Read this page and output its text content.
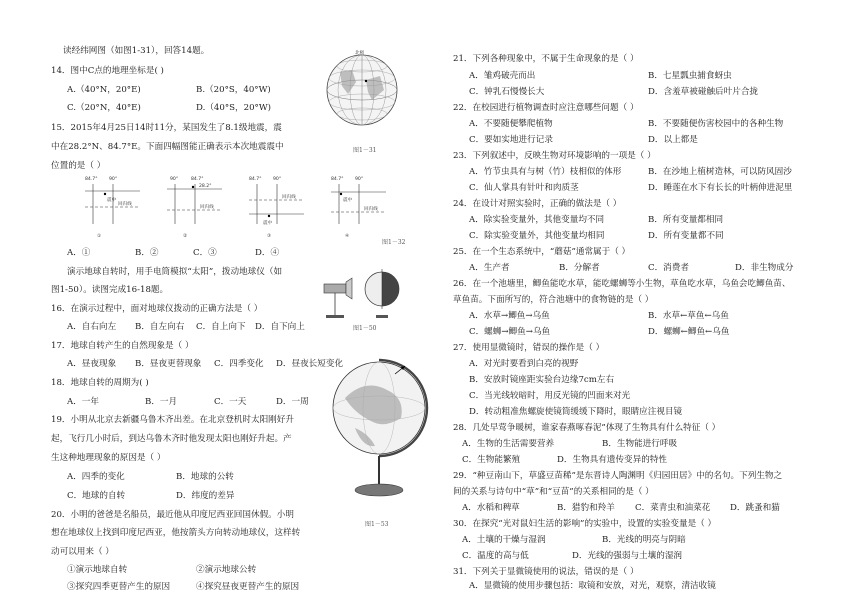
读经纬网图（如图1-31），回答14题。
14．图中C点的地理坐标是( )
A.（40°N，20°E)	B.（20°S，40°W)
C.（20°N，40°E)	D.（40°S，20°W)
北极
图1－31
15．2015年4月25日14时11分，某国发生了8.1级地震，震
中在28.2°N、84.7°E。下面四幅图能正确表示本次地震震中
位置的是（ ）
84.7° 90°
震中
回归线
①
90°	84.7°
28.2°
回归线
②
84.7° 90°
回归线
震中
③
84.7° 90°
震中
回归线
④
图1－32
A．①	B．②	C．③	D．④
演示地球自转时，用手电筒模拟“太阳”，拨动地球仪（如
图1-50）。读图完成16-18题。
图1－50
16．在演示过程中，面对地球仪拨动的正确方法是（ ）
A．自右向左 B．自左向右 C．自上向下 D．自下向上
17．地球自转产生的自然现象是（ ）
A．昼夜现象 B．昼夜更替现象 C．四季变化 D．昼夜长短变化
18．地球自转的周期为( )
A．一年	B．一月	C．一天	D．一周
19．小明从北京去新疆乌鲁木齐出差。在北京登机时太阳刚好升
起，飞行几小时后，到达乌鲁木齐时他发现太阳也刚好升起。产
生这种地理现象的原因是（ ）
A．四季的变化	B．地球的公转
C．地球的自转	D．纬度的差异
20．小明的爸爸是名船员，最近他从印度尼西亚回国休假。小明
想在地球仪上找到印度尼西亚，他按箭头方向转动地球仪，这样转
动可以用来（ ）
①演示地球自转	②演示地球公转
③探究四季更替产生的原因	④探究昼夜更替产生的原因
图1－53
21．下列各种现象中，不属于生命现象的是（ ）
A．雏鸡破壳而出	B．七星瓢虫捕食蚜虫
C．钟乳石慢慢长大	D．含羞草被碰触后叶片合拢
22．在校园进行植物调查时应注意哪些问题（ ）
A．不要随便攀爬植物	B．不要随便伤害校园中的各种生物
C．要如实地进行记录	D．以上都是
23．下列叙述中，反映生物对环境影响的一项是（ ）
A．竹节虫具有与树（竹）枝相似的体形	B．在沙地上植树造林，可以防风固沙
C．仙人掌具有针叶和肉质茎	D．睡莲在水下有长长的叶柄伸进泥里
24．在设计对照实验时，正确的做法是（ ）
A．除实验变量外，其他变量均不同	B．所有变量都相同
C．除实验变量外，其他变量均相同	D．所有变量都不同
25．在一个生态系统中，“蘑菇”通常属于（ ）
A．生产者	B．分解者	C．消费者	D．非生物成分
26．在一个池塘里，鲫鱼能吃水草，能吃螺蛳等小生物，草鱼吃水草，乌鱼会吃鲫鱼苗、
草鱼苗。下面所写的，符合池塘中的食物链的是（ ）
A．水草→鲫鱼→乌鱼	B．水草←草鱼←乌鱼
C．螺蛳→鲫鱼→乌鱼	D．螺蛳←鲫鱼←乌鱼
27．使用显微镜时，错误的操作是（ ）
A．对光时要看到白亮的视野
B．安放时镜座距实验台边缘7cm左右
C．当光线较暗时，用反光镜的凹面来对光
D．转动粗准焦螺旋使镜筒缓缓下降时，眼睛应注视目镜
28．几处早莺争暖树，谁家春燕啄春泥”体现了生物具有什么特征（ ）
A．生物的生活需要营养	B．生物能进行呼吸
C．生物能繁殖	D．生物具有遗传变异的特性
29．“种豆南山下，草盛豆苗稀”是东晋诗人陶渊明《归园田居》中的名句。下列生物之
间的关系与诗句中“草”和“豆苗”的关系相同的是（ ）
A．水稻和稗草	B．猎豹和羚羊 C．菜青虫和油菜花 D．跳蚤和猫
30．在探究“光对鼠妇生活的影响”的实验中，设置的实验变量是（ ）
A．土壤的干燥与湿润	B．光线的明亮与阴暗
C．温度的高与低	D．光线的强弱与土壤的湿润
31．下列关于显微镜使用的说法，错误的是（ ）
A．显微镜的使用步骤包括：取镜和安放，对光，观察，清洁收镜
